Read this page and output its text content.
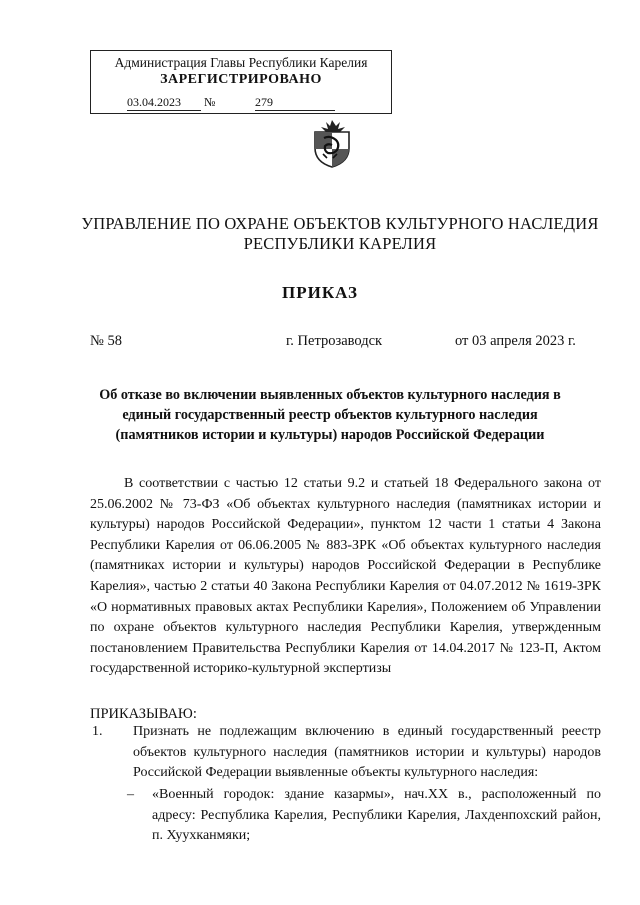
Администрация Главы Республики Карелия
ЗАРЕГИСТРИРОВАНО
03.04.2023 №	279
УПРАВЛЕНИЕ ПО ОХРАНЕ ОБЪЕКТОВ КУЛЬТУРНОГО НАСЛЕДИЯ РЕСПУБЛИКИ КАРЕЛИЯ
ПРИКАЗ
№ 58	г. Петрозаводск	от 03 апреля 2023 г.
Об отказе во включении выявленных объектов культурного наследия в единый государственный реестр объектов культурного наследия (памятников истории и культуры) народов Российской Федерации
В соответствии с частью 12 статьи 9.2 и статьей 18 Федерального закона от 25.06.2002 № 73-ФЗ «Об объектах культурного наследия (памятниках истории и культуры) народов Российской Федерации», пунктом 12 части 1 статьи 4 Закона Республики Карелия от 06.06.2005 № 883-ЗРК «Об объектах культурного наследия (памятниках истории и культуры) народов Российской Федерации в Республике Карелия», частью 2 статьи 40 Закона Республики Карелия от 04.07.2012 № 1619-ЗРК «О нормативных правовых актах Республики Карелия», Положением об Управлении по охране объектов культурного наследия Республики Карелия, утвержденным постановлением Правительства Республики Карелия от 14.04.2017 № 123-П, Актом государственной историко-культурной экспертизы
ПРИКАЗЫВАЮ:
1. Признать не подлежащим включению в единый государственный реестр объектов культурного наследия (памятников истории и культуры) народов Российской Федерации выявленные объекты культурного наследия:
– «Военный городок: здание казармы», нач.XX в., расположенный по адресу: Республика Карелия, Республики Карелия, Лахденпохский район, п. Хуухканмяки;
